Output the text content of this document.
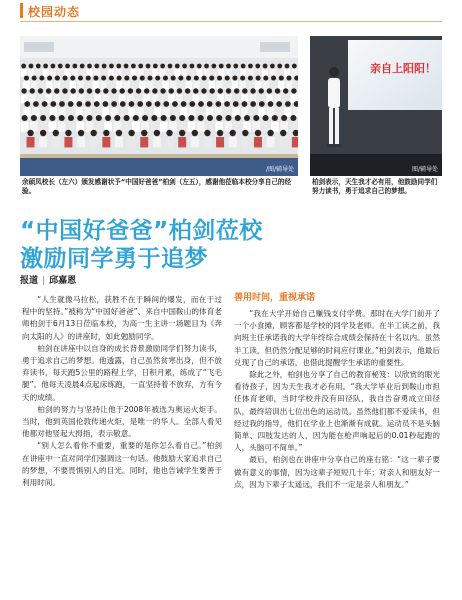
校园动态
/图/辅导处
亲自上阳阳！
图/辅导处
余硕凤校长（左六）颁发感谢状予“中国好爸爸”柏剑（左五），感谢他莅临本校分享自己的经验。
柏剑表示，天生我才必有用，他鼓励同学们努力读书，勇于追求自己的梦想。
“中国好爸爸”柏剑莅校
激励同学勇于追梦
报道 | 邱嘉恩

“人生就像马拉松，获胜不在于瞬间的爆发，而在于过程中的坚持。”被称为“中国好爸爸”、来自中国鞍山的体育老师柏剑于6月13日莅临本校，为高一生主讲一场题目为《奔向太阳的人》的讲座时，如此勉励同学。

柏剑在讲座中以自身的成长背景激励同学们努力读书，勇于追求自己的梦想。他透露，自己虽然贫寒出身，但不放弃读书，每天跑5公里的路程上学，日积月累，练成了“飞毛腿”。他每天凌晨4点起床练跑，一直坚持着不放弃，方有今天的成绩。

柏剑的努力与坚持让他于2008年被选为奥运火炬手。当时，他到英国伦敦传递火炬，是唯一的华人。全部人看见他都对他竖起大拇指，表示敬意。

“别人怎么看你不重要，重要的是你怎么看自己。”柏剑在讲座中一直对同学们强调这一句话。他鼓励大家追求自己的梦想，不要畏惧别人的目光。同时，他也告诫学生要善于利用时间。

善用时间，重视承诺

“我在大学开始自己赚钱支付学费。那时在大学门前开了一个小食摊，顾客都是学校的同学及老师。在半工读之前，我向班主任承诺我的大学年终综合成绩会保持在十名以内。虽然半工读，但仍然分配足够的时间应付课业。”柏剑表示，他最后兑现了自己的承诺，也借此提醒学生承诺的重要性。

除此之外，柏剑也分享了自己的教育秘笈：以欣赏的眼光看待孩子，因为天生我才必有用。“我大学毕业后到鞍山市担任体育老师，当时学校并没有田径队，我自告奋勇成立田径队，最终培训出七位出色的运动员。虽然他们都不爱读书，但经过我的指导，他们在学业上也渐渐有成就。运动员不是头脑简单、四肢发达的人，因为能在枪声响起后的0.01秒起跑的人，头脑可不简单。”

最后，柏剑也在讲座中分享自己的座右铭：“这一辈子要做有意义的事情，因为这辈子短短几十年；对亲人和朋友好一点，因为下辈子太遥远，我们不一定是亲人和朋友。”
